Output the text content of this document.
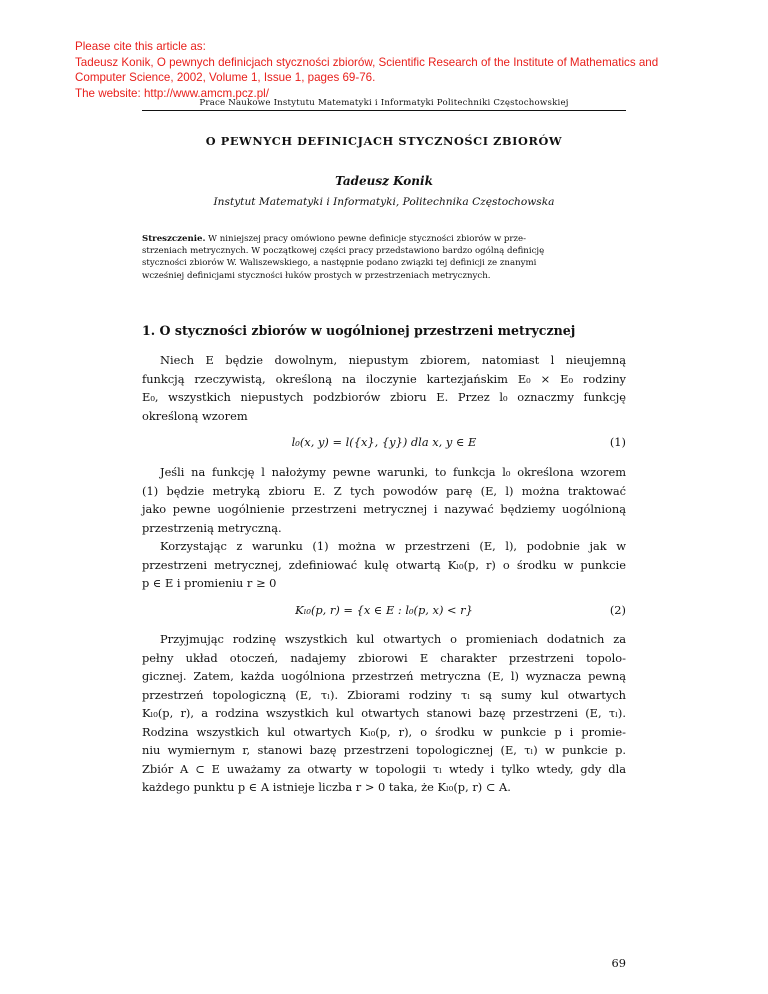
Please cite this article as:
Tadeusz Konik, O pewnych definicjach styczności zbiorów, Scientific Research of the Institute of Mathematics and
Computer Science, 2002, Volume 1, Issue 1, pages 69-76.
The website: http://www.amcm.pcz.pl/
Prace Naukowe Instytutu Matematyki i Informatyki Politechniki Częstochowskiej
O PEWNYCH DEFINICJACH STYCZNOŚCI ZBIORÓW
Tadeusz Konik
Instytut Matematyki i Informatyki, Politechnika Częstochowska
Streszczenie. W niniejszej pracy omówiono pewne definicje styczności zbiorów w prze-
strzeniach metrycznych. W początkowej części pracy przedstawiono bardzo ogólną definicję
styczności zbiorów W. Waliszewskiego, a następnie podano związki tej definicji ze znanymi
wcześniej definicjami styczności łuków prostych w przestrzeniach metrycznych.
1. O styczności zbiorów w uogólnionej przestrzeni metrycznej
Niech E będzie dowolnym, niepustym zbiorem, natomiast l nieujemną
funkcją rzeczywistą, określoną na iloczynie kartezjańskim E₀ × E₀ rodziny
E₀, wszystkich niepustych podzbiorów zbioru E. Przez l₀ oznaczmy funkcję
określoną wzorem
l₀(x, y) = l({x}, {y}) dla x, y ∈ E	(1)
Jeśli na funkcję l nałożymy pewne warunki, to funkcja l₀ określona wzorem
(1) będzie metryką zbioru E. Z tych powodów parę (E, l) można traktować
jako pewne uogólnienie przestrzeni metrycznej i nazywać będziemy uogólnioną
przestrzenią metryczną.
Korzystając z warunku (1) można w przestrzeni (E, l), podobnie jak w
przestrzeni metrycznej, zdefiniować kulę otwartą Kₗ₀(p, r) o środku w punkcie
p ∈ E i promieniu r ≥ 0
Kₗ₀(p, r) = {x ∈ E : l₀(p, x) < r}	(2)
Przyjmując rodzinę wszystkich kul otwartych o promieniach dodatnich za
pełny układ otoczeń, nadajemy zbiorowi E charakter przestrzeni topolo-
gicznej. Zatem, każda uogólniona przestrzeń metryczna (E, l) wyznacza pewną
przestrzeń topologiczną (E, τₗ). Zbiorami rodziny τₗ są sumy kul otwartych
Kₗ₀(p, r), a rodzina wszystkich kul otwartych stanowi bazę przestrzeni (E, τₗ).
Rodzina wszystkich kul otwartych Kₗ₀(p, r), o środku w punkcie p i promie-
niu wymiernym r, stanowi bazę przestrzeni topologicznej (E, τₗ) w punkcie p.
Zbiór A ⊂ E uważamy za otwarty w topologii τₗ wtedy i tylko wtedy, gdy dla
każdego punktu p ∈ A istnieje liczba r > 0 taka, że Kₗ₀(p, r) ⊂ A.
69
